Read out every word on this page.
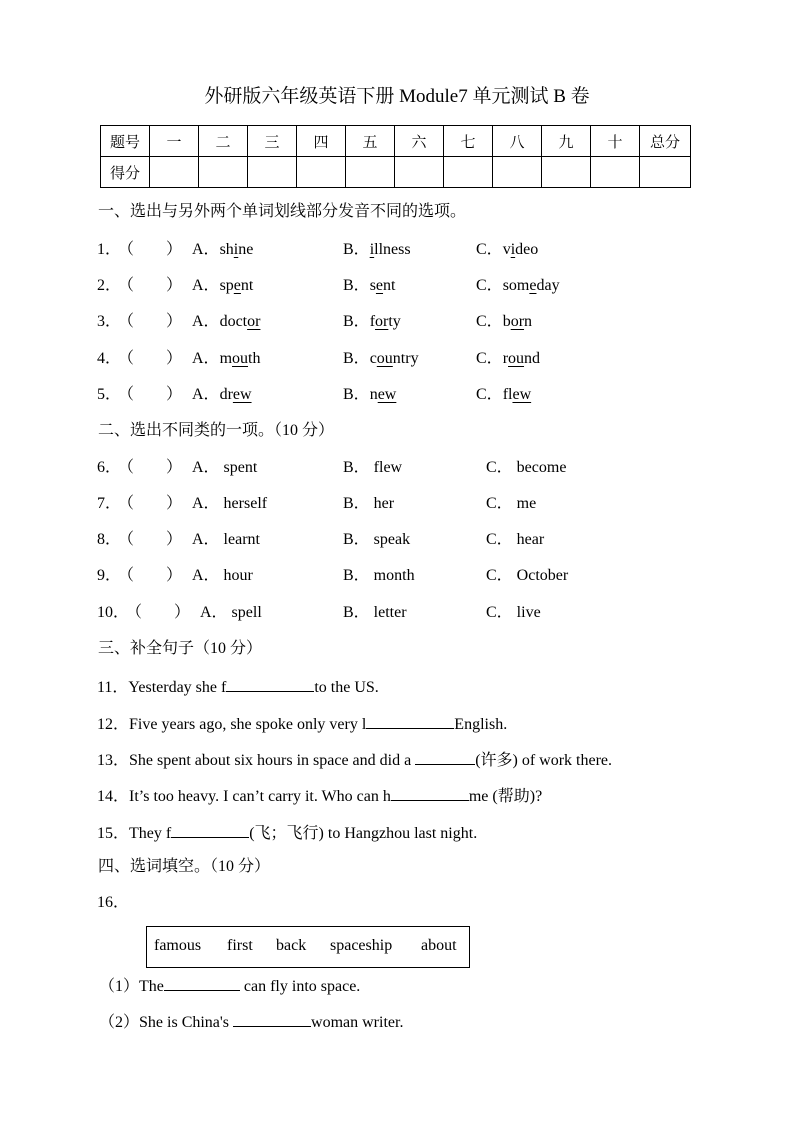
外研版六年级英语下册 Module7 单元测试 B 卷
题号	一	二	三	四	五	六	七	八	九	十	总分
得分											
一、选出与另外两个单词划线部分发音不同的选项。
1．
（　　） A．shine	B．illness	C．video
2．
（　　） A．spent	B．sent	C．someday
3．
（　　） A．doctor	B．forty	C．born
4．
（　　） A．mouth	B．country	C．round
5．
（　　） A．drew	B．new	C．flew
二、选出不同类的一项。（10 分）
6．
（　　） A． spent	B． flew	C． become
7．
（　　） A． herself	B． her	C． me
8．
（　　） A． learnt	B． speak	C． hear
9．
（　　） A． hour	B． month	C． October
10．
（　　） A． spell	B． letter	C． live
三、补全句子（10 分）
11．Yesterday she f	to the US.
12．Five years ago, she spoke only very l	English.
13．She spent about six hours in space and did a	(许多) of work there.
14．It’s too heavy. I can’t carry it. Who can h	me (帮助)?
15．They f	(飞；飞行) to Hangzhou last night.
四、选词填空。（10 分）
16．
famous first back spaceship about
（1）The	can fly into space.
（2）She is China's	woman writer.
